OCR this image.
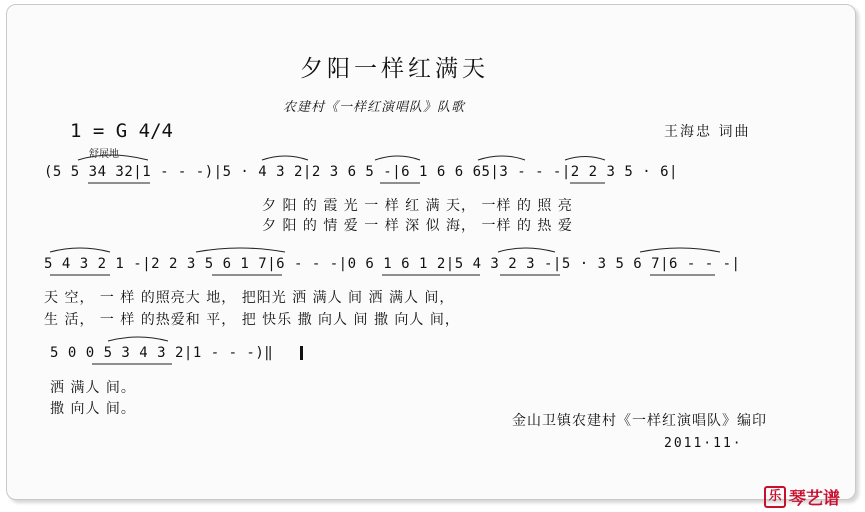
夕阳一样红满天
农建村《一样红演唱队》队歌
1 = G 4/4	王海忠 词曲
舒展地
(5 5 34 32|1 - - -)|5 · 4 3 2|2 3 6 5 -|6 1 6 6 65|3 - - -|2 2 3 5 · 6|
夕 阳 的 霞 光 一 样 红 满 天， 一样 的 照 亮
夕 阳 的 情 爱 一 样 深 似 海， 一样 的 热 爱
5 4 3 2 1 -|2 2 3 5 6 1 7|6 - - -|0 6 1 6 1 2|5 4 3 2 3 -|5 · 3 5 6 7|6 - - -|
天 空， 一 样 的照亮大 地， 把阳光 洒 满人 间 洒 满人 间，
生 活， 一 样 的热爱和 平， 把 快乐 撒 向人 间 撒 向人 间，
5 0 0 5 3 4 3 2|1 - - -)‖
洒 满人 间。
撒 向人 间。
金山卫镇农建村《一样红演唱队》编印
2011·11·
乐 琴艺谱
